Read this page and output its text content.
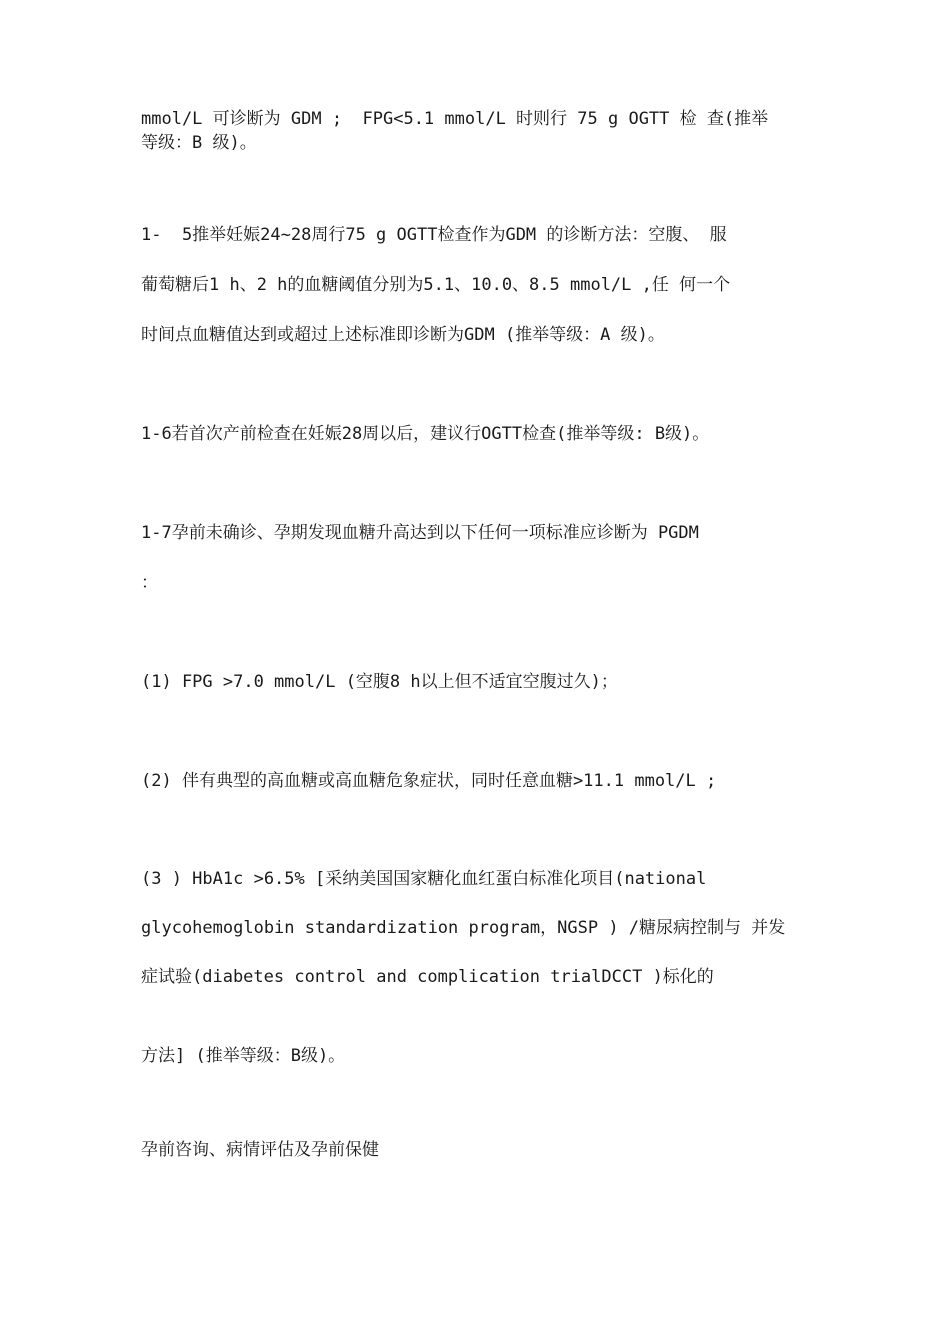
mmol/L 可诊断为 GDM ;  FPG<5.1 mmol/L 时则行 75 g OGTT 检 查(推举
等级：B 级)。
1-  5推举妊娠24~28周行75 g OGTT检查作为GDM 的诊断方法：空腹、 服
葡萄糖后1 h、2 h的血糖阈值分别为5.1、10.0、8.5 mmol/L ,任 何一个
时间点血糖值达到或超过上述标准即诊断为GDM (推举等级：A 级)。
1-6若首次产前检查在妊娠28周以后，建议行OGTT检查(推举等级: B级)。
1-7孕前未确诊、孕期发现血糖升高达到以下任何一项标准应诊断为 PGDM
：
(1) FPG >7.0 mmol/L (空腹8 h以上但不适宜空腹过久)；
(2) 伴有典型的高血糖或高血糖危象症状，同时任意血糖>11.1 mmol/L ;
(3 ) HbA1c >6.5% [采纳美国国家糖化血红蛋白标准化项目(national
glycohemoglobin standardization program，NGSP ) /糖尿病控制与 并发
症试验(diabetes control and complication trialDCCT )标化的
方法] (推举等级：B级)。
孕前咨询、病情评估及孕前保健
